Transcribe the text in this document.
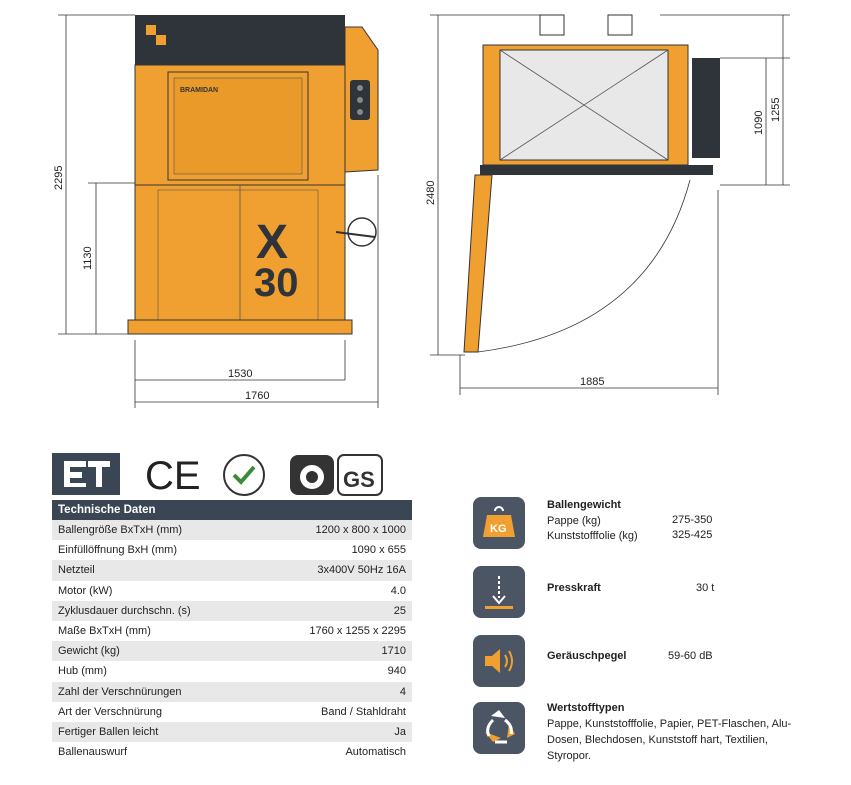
BRAMIDAN
X
30
2295
1130
1530
1760
2480
1090
1255
1885
CE	GS
Technische Daten
Ballengröße BxTxH (mm)	1200 x 800 x 1000
Einfüllöffnung BxH (mm)	1090 x 655
Netzteil	3x400V 50Hz 16A
Motor (kW)	4.0
Zyklusdauer durchschn. (s)	25
Maße BxTxH (mm)	1760 x 1255 x 2295
Gewicht (kg)	1710
Hub (mm)	940
Zahl der Verschnürungen	4
Art der Verschnürung	Band / Stahldraht
Fertiger Ballen leicht	Ja
Ballenauswurf	Automatisch
KG
Ballengewicht
Pappe (kg)	275-350
Kunststofffolie (kg)	325-425
Presskraft	30 t
Geräuschpegel	59-60 dB
Wertstofftypen
Pappe, Kunststofffolie, Papier, PET-Flaschen, Alu-
Dosen, Blechdosen, Kunststoff hart, Textilien,
Styropor.
